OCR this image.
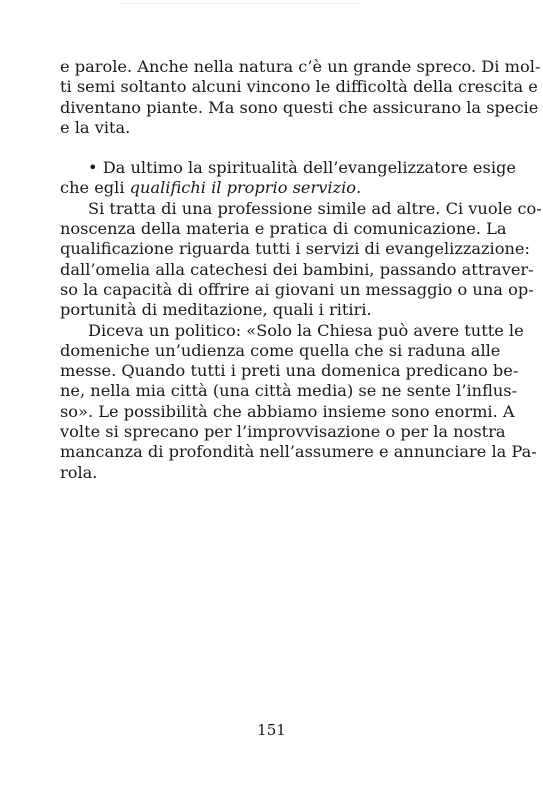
e parole. Anche nella natura c’è un grande spreco. Di mol-
ti semi soltanto alcuni vincono le difficoltà della crescita e
diventano piante. Ma sono questi che assicurano la specie
e la vita.
• Da ultimo la spiritualità dell’evangelizzatore esige
che egli qualifichi il proprio servizio.
Si tratta di una professione simile ad altre. Ci vuole co-
noscenza della materia e pratica di comunicazione. La
qualificazione riguarda tutti i servizi di evangelizzazione:
dall’omelia alla catechesi dei bambini, passando attraver-
so la capacità di offrire ai giovani un messaggio o una op-
portunità di meditazione, quali i ritiri.
Diceva un politico: «Solo la Chiesa può avere tutte le
domeniche un’udienza come quella che si raduna alle
messe. Quando tutti i preti una domenica predicano be-
ne, nella mia città (una città media) se ne sente l’influs-
so». Le possibilità che abbiamo insieme sono enormi. A
volte si sprecano per l’improvvisazione o per la nostra
mancanza di profondità nell’assumere e annunciare la Pa-
rola.
151
